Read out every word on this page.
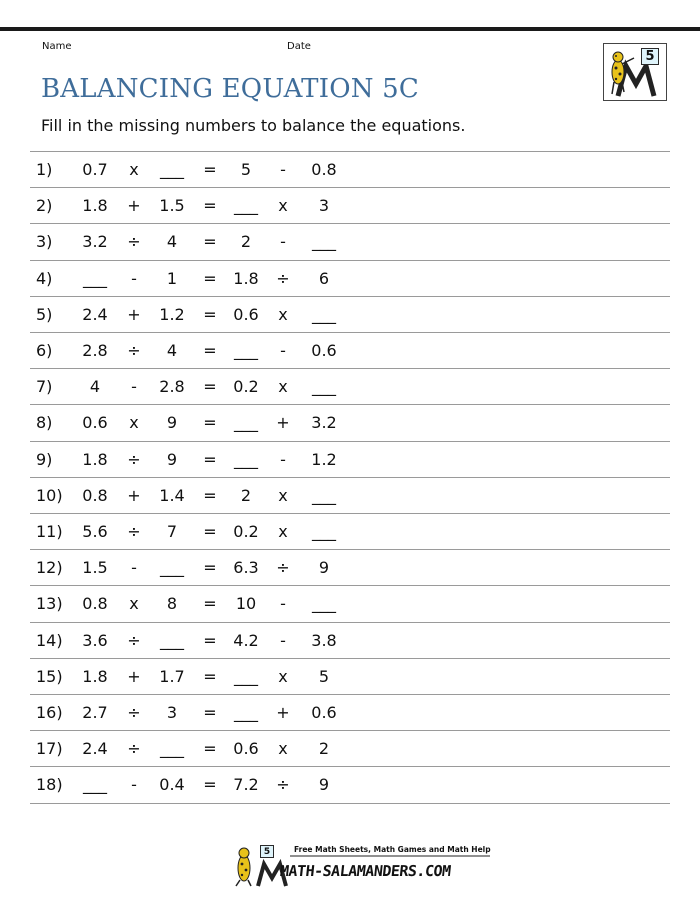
Name	Date
5
BALANCING EQUATION 5C
Fill in the missing numbers to balance the equations.
1)	0.7	x	___	=	5	-	0.8
2)	1.8	+	1.5	=	___	x	3
3)	3.2	÷	4	=	2	-	___
4)	___	-	1	=	1.8	÷	6
5)	2.4	+	1.2	=	0.6	x	___
6)	2.8	÷	4	=	___	-	0.6
7)	4	-	2.8	=	0.2	x	___
8)	0.6	x	9	=	___	+	3.2
9)	1.8	÷	9	=	___	-	1.2
10)	0.8	+	1.4	=	2	x	___
11)	5.6	÷	7	=	0.2	x	___
12)	1.5	-	___	=	6.3	÷	9
13)	0.8	x	8	=	10	-	___
14)	3.6	÷	___	=	4.2	-	3.8
15)	1.8	+	1.7	=	___	x	5
16)	2.7	÷	3	=	___	+	0.6
17)	2.4	÷	___	=	0.6	x	2
18)	___	-	0.4	=	7.2	÷	9
5	Free Math Sheets, Math Games and Math Help
MATH-SALAMANDERS.COM
